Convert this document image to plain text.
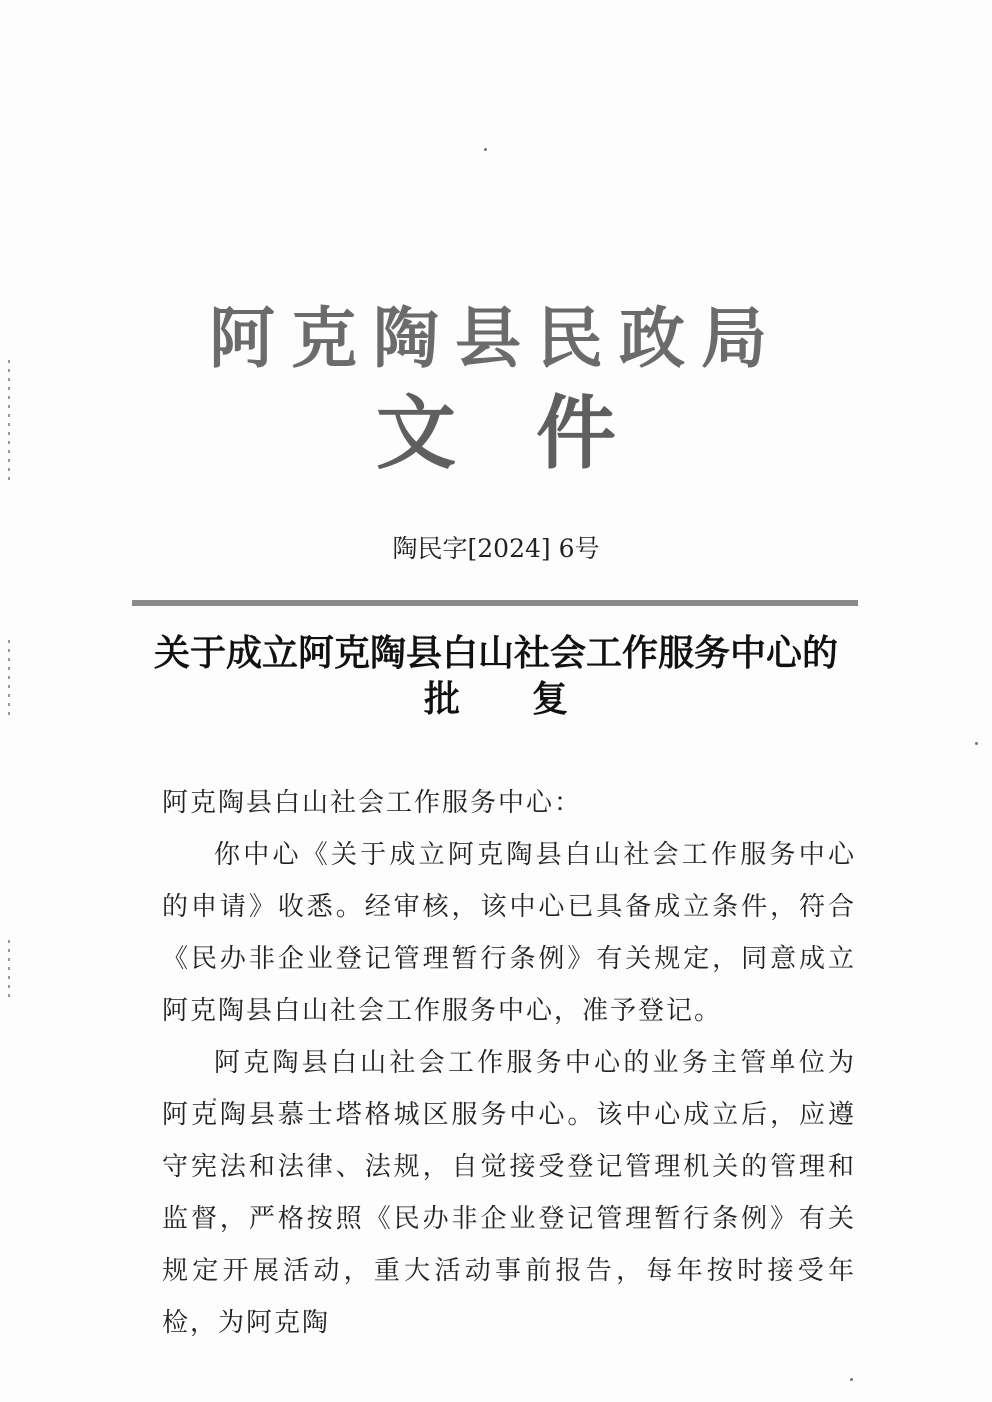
阿克陶县民政局
文 件
陶民字[2024] 6号
关于成立阿克陶县白山社会工作服务中心的
批 复

阿克陶县白山社会工作服务中心：

你中心《关于成立阿克陶县白山社会工作服务中心的申请》收悉。经审核，该中心已具备成立条件，符合《民办非企业登记管理暂行条例》有关规定，同意成立阿克陶县白山社会工作服务中心，准予登记。

阿克陶县白山社会工作服务中心的业务主管单位为阿克陶县慕士塔格城区服务中心。该中心成立后，应遵守宪法和法律、法规，自觉接受登记管理机关的管理和监督，严格按照《民办非企业登记管理暂行条例》有关规定开展活动，重大活动事前报告，每年按时接受年检，为阿克陶
